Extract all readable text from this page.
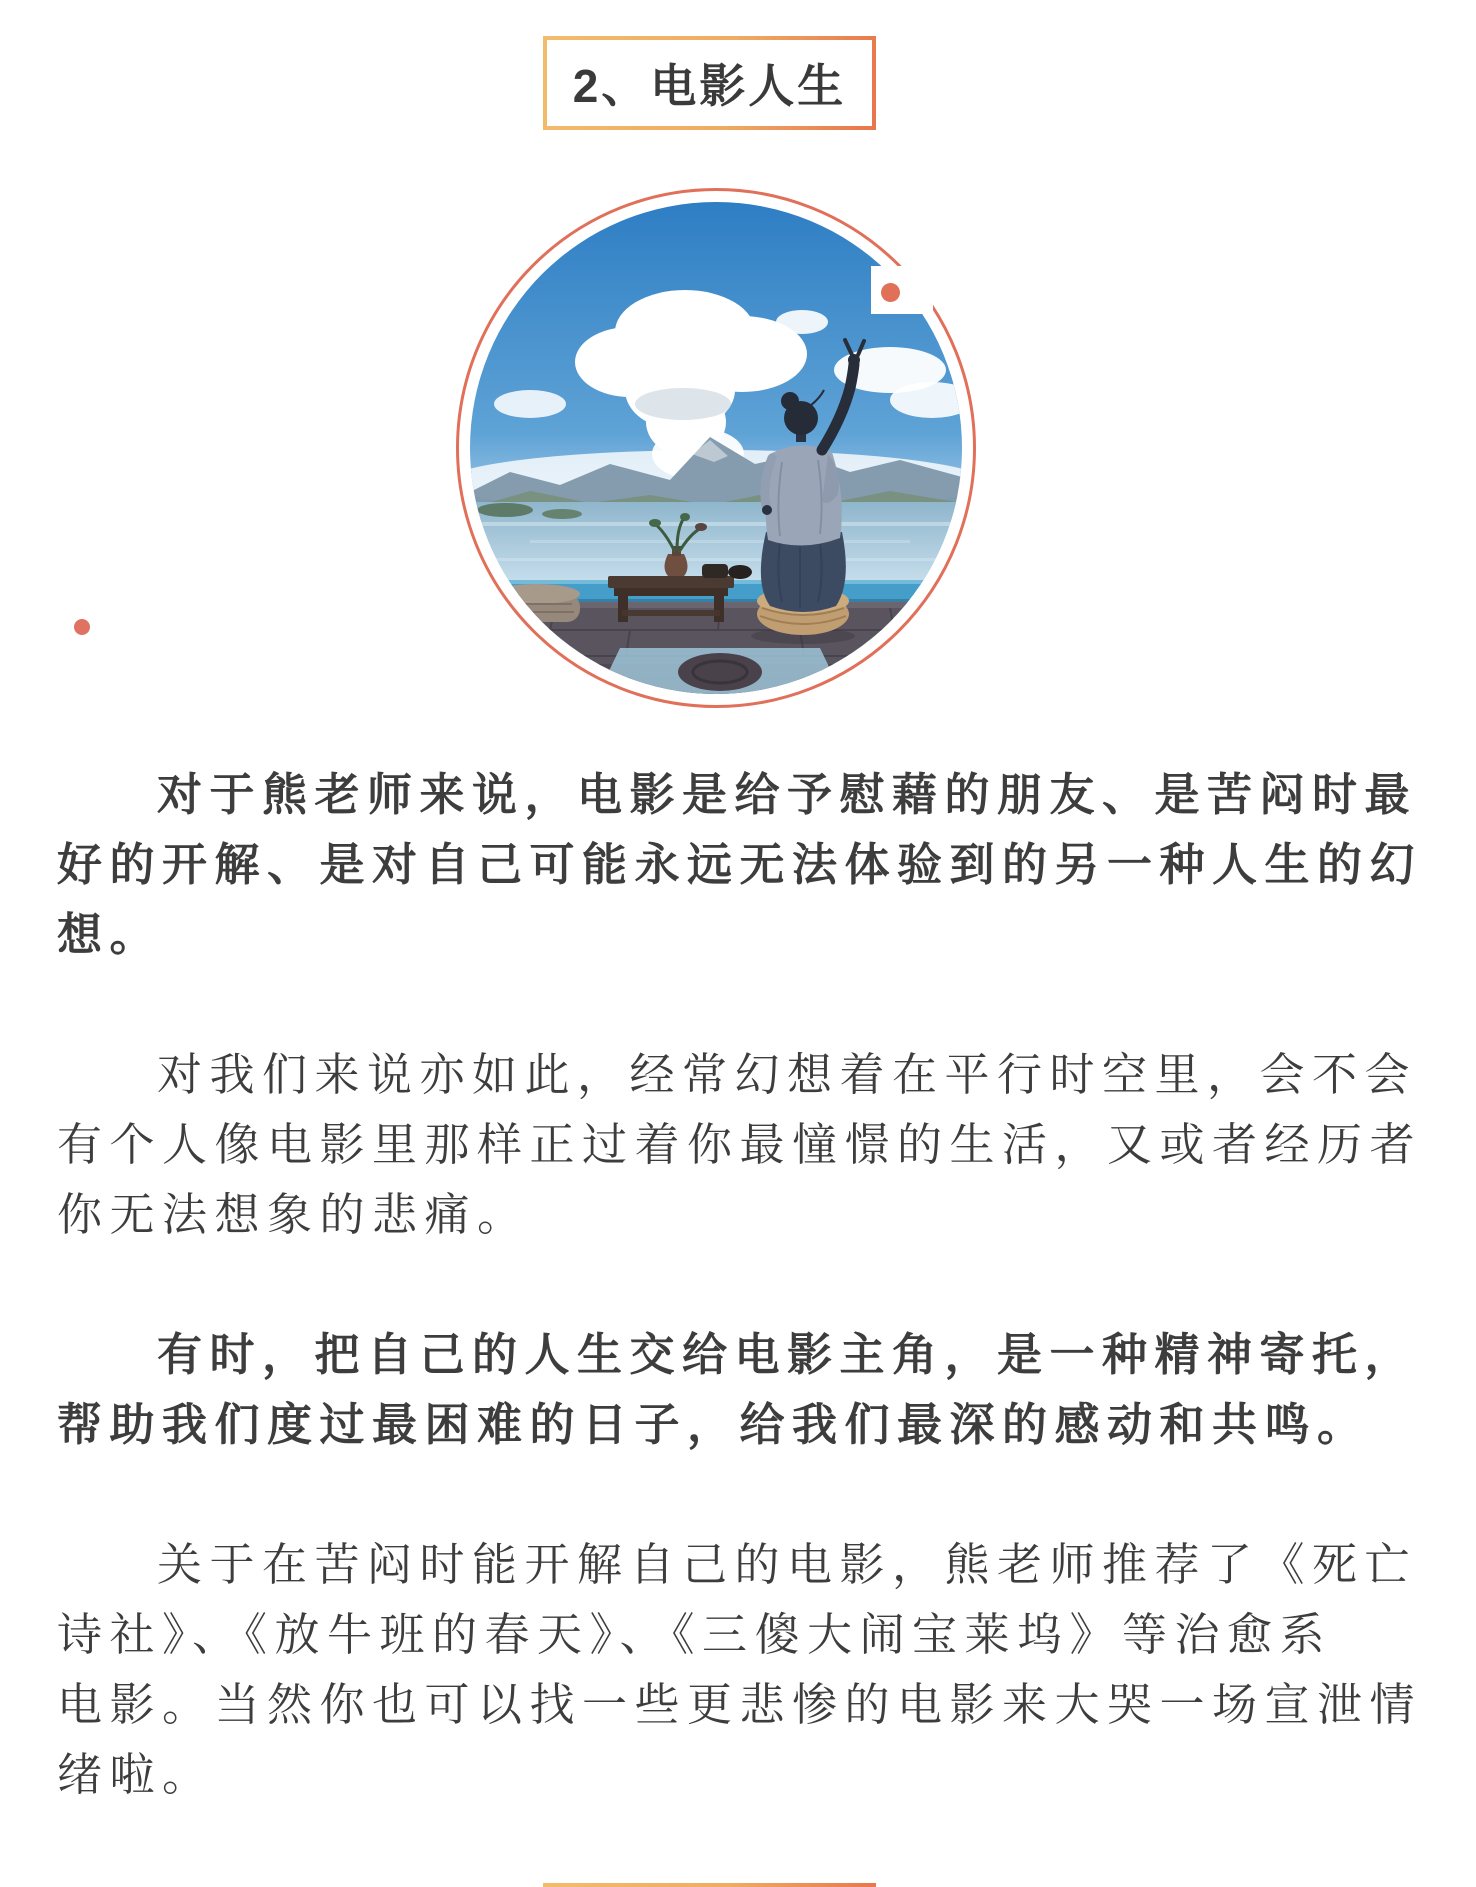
2、电影人生
对于熊老师来说，电影是给予慰藉的朋友、是苦闷时最
好的开解、是对自己可能永远无法体验到的另一种人生的幻
想。
对我们来说亦如此，经常幻想着在平行时空里，会不会
有个人像电影里那样正过着你最憧憬的生活，又或者经历者
你无法想象的悲痛。
有时，把自己的人生交给电影主角，是一种精神寄托，
帮助我们度过最困难的日子，给我们最深的感动和共鸣。
关于在苦闷时能开解自己的电影，熊老师推荐了《死亡
诗社》、《放牛班的春天》、《三傻大闹宝莱坞》等治愈系
电影。当然你也可以找一些更悲惨的电影来大哭一场宣泄情
绪啦。
